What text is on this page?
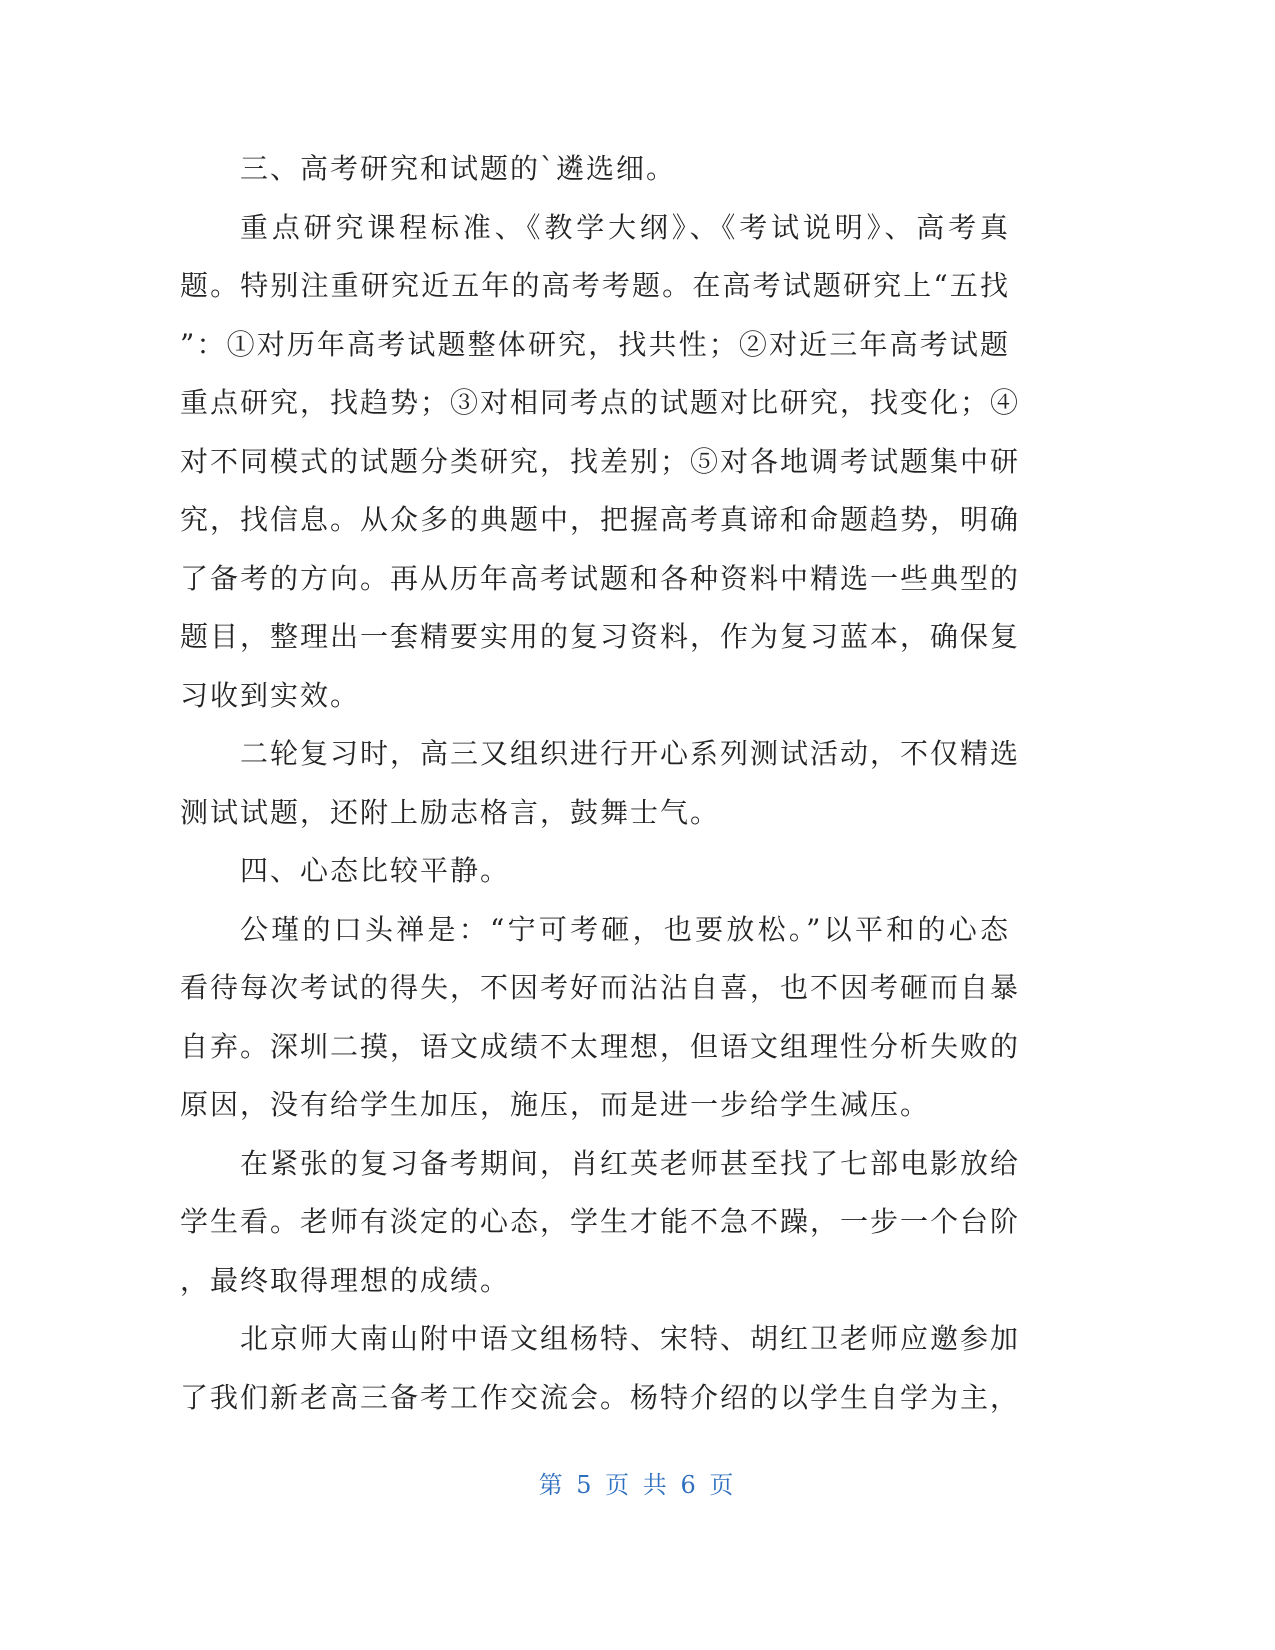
三、高考研究和试题的`遴选细。
重点研究课程标准、《教学大纲》、《考试说明》、高考真
题。特别注重研究近五年的高考考题。在高考试题研究上“五找
”：①对历年高考试题整体研究，找共性；②对近三年高考试题
重点研究，找趋势；③对相同考点的试题对比研究，找变化；④
对不同模式的试题分类研究，找差别；⑤对各地调考试题集中研
究，找信息。从众多的典题中，把握高考真谛和命题趋势，明确
了备考的方向。再从历年高考试题和各种资料中精选一些典型的
题目，整理出一套精要实用的复习资料，作为复习蓝本，确保复
习收到实效。
二轮复习时，高三又组织进行开心系列测试活动，不仅精选
测试试题，还附上励志格言，鼓舞士气。
四、心态比较平静。
公瑾的口头禅是：“宁可考砸，也要放松。”以平和的心态
看待每次考试的得失，不因考好而沾沾自喜，也不因考砸而自暴
自弃。深圳二摸，语文成绩不太理想，但语文组理性分析失败的
原因，没有给学生加压，施压，而是进一步给学生减压。
在紧张的复习备考期间，肖红英老师甚至找了七部电影放给
学生看。老师有淡定的心态，学生才能不急不躁，一步一个台阶
，最终取得理想的成绩。
北京师大南山附中语文组杨特、宋特、胡红卫老师应邀参加
了我们新老高三备考工作交流会。杨特介绍的以学生自学为主，
第 5 页 共 6 页
